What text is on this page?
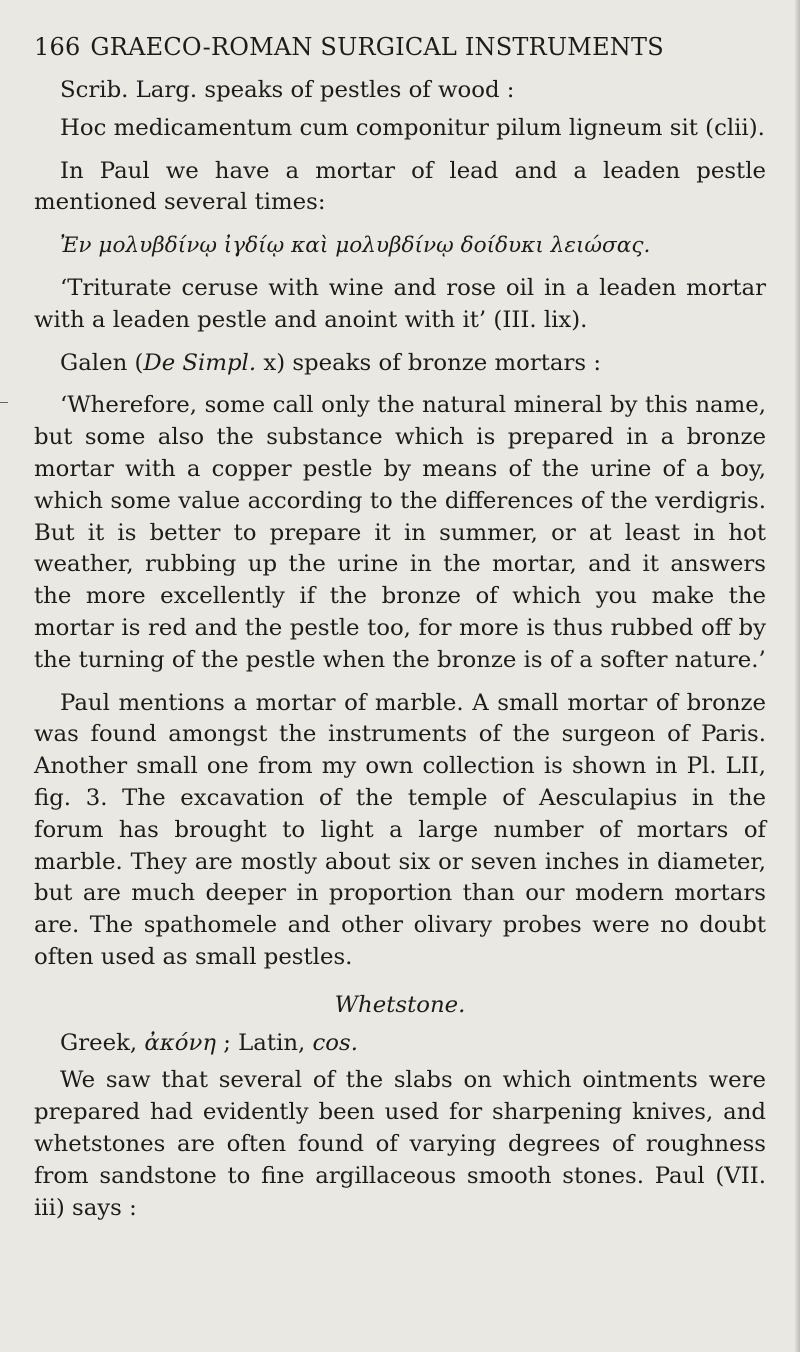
166 GRAECO-ROMAN SURGICAL INSTRUMENTS

Scrib. Larg. speaks of pestles of wood :

Hoc medicamentum cum componitur pilum ligneum sit (clii).

In Paul we have a mortar of lead and a leaden pestle mentioned several times:

Ἐν μολυβδίνῳ ἰγδίῳ καὶ μολυβδίνῳ δοίδυκι λειώσας.

‘Triturate ceruse with wine and rose oil in a leaden mortar with a leaden pestle and anoint with it’ (III. lix).

Galen (De Simpl. x) speaks of bronze mortars :

‘Wherefore, some call only the natural mineral by this name, but some also the substance which is prepared in a bronze mortar with a copper pestle by means of the urine of a boy, which some value according to the differences of the verdigris. But it is better to prepare it in summer, or at least in hot weather, rubbing up the urine in the mortar, and it answers the more excellently if the bronze of which you make the mortar is red and the pestle too, for more is thus rubbed off by the turning of the pestle when the bronze is of a softer nature.’

Paul mentions a mortar of marble. A small mortar of bronze was found amongst the instruments of the surgeon of Paris. Another small one from my own collection is shown in Pl. LII, fig. 3. The excavation of the temple of Aesculapius in the forum has brought to light a large number of mortars of marble. They are mostly about six or seven inches in diameter, but are much deeper in proportion than our modern mortars are. The spathomele and other olivary probes were no doubt often used as small pestles.

Whetstone.

Greek, ἀκόνη ; Latin, cos.

We saw that several of the slabs on which ointments were prepared had evidently been used for sharpening knives, and whetstones are often found of varying degrees of roughness from sandstone to fine argillaceous smooth stones. Paul (VII. iii) says :
